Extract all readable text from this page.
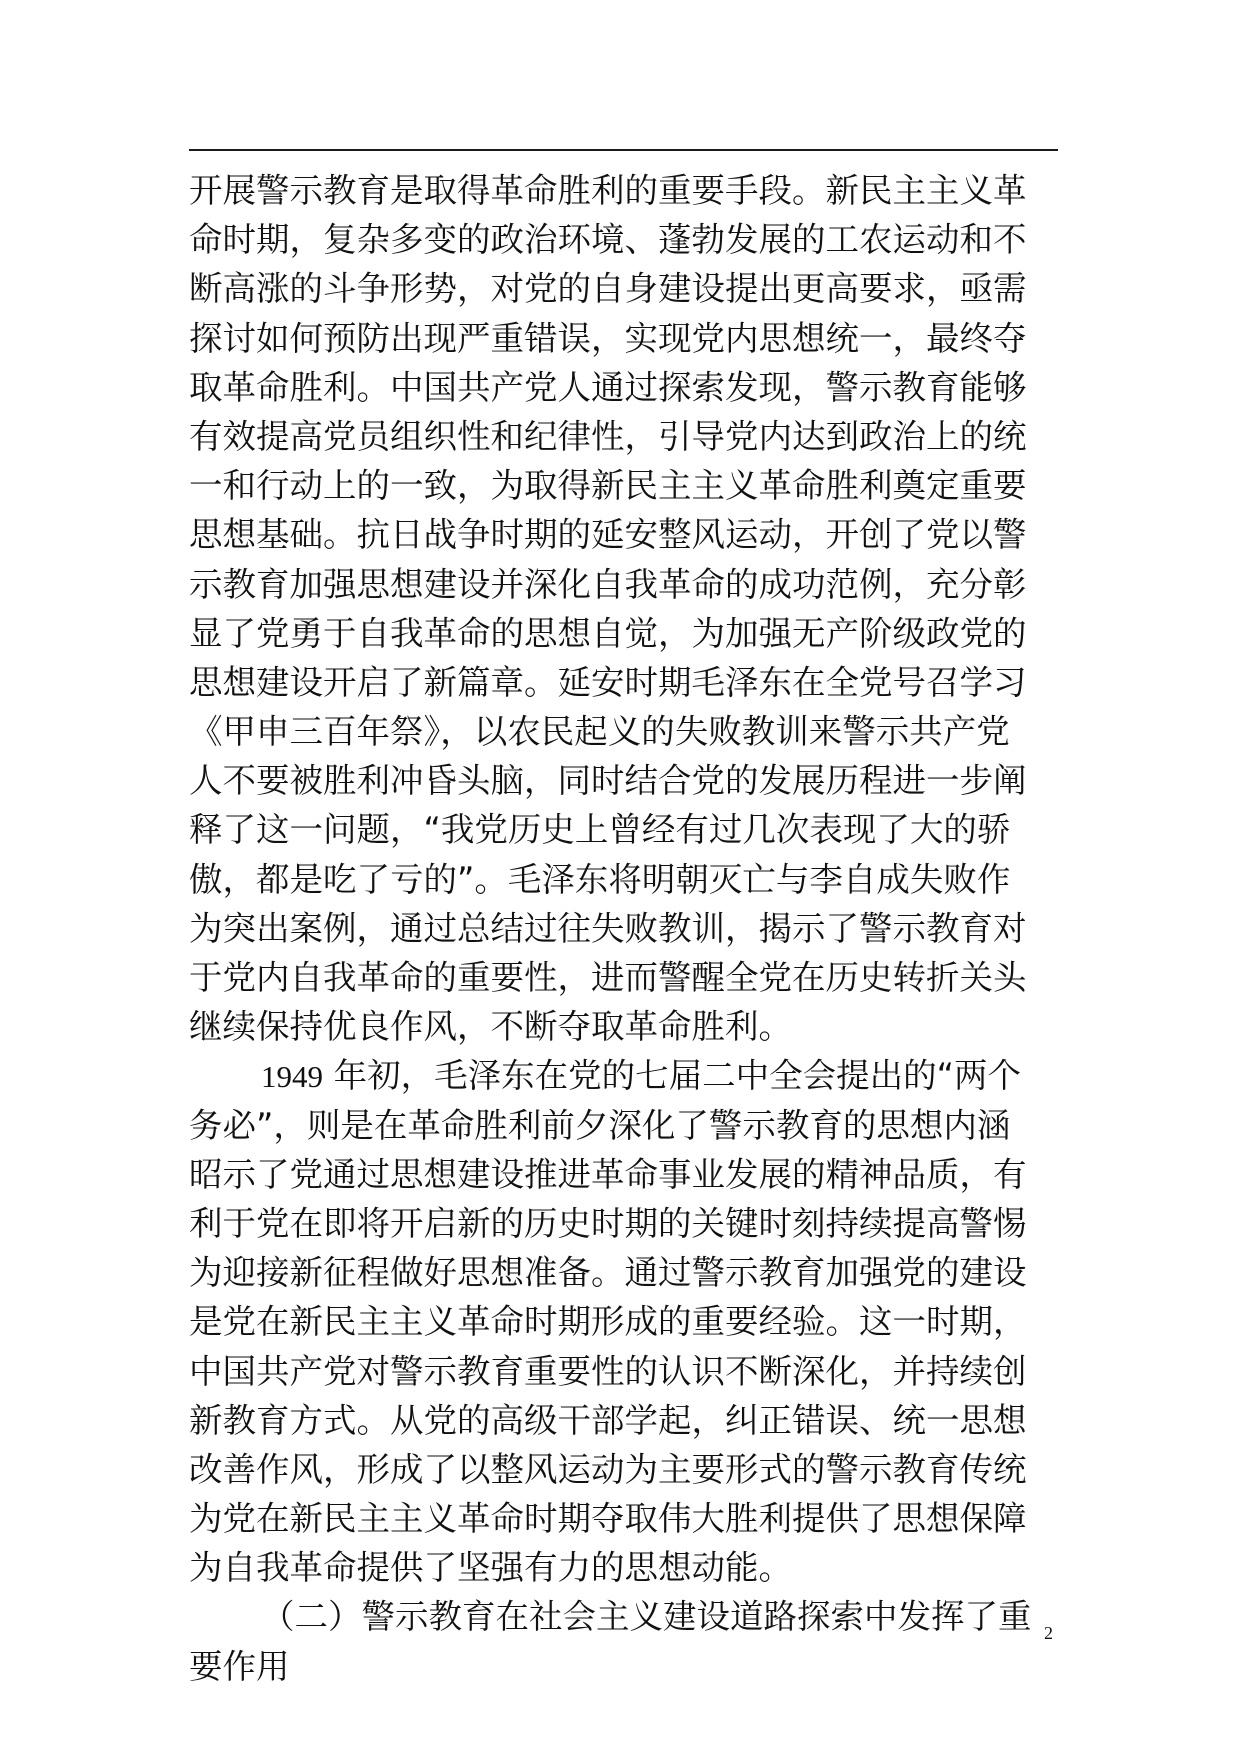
开展警示教育是取得革命胜利的重要手段。新民主主义革
命时期，复杂多变的政治环境、蓬勃发展的工农运动和不
断高涨的斗争形势，对党的自身建设提出更高要求，亟需
探讨如何预防出现严重错误，实现党内思想统一，最终夺
取革命胜利。中国共产党人通过探索发现，警示教育能够
有效提高党员组织性和纪律性，引导党内达到政治上的统
一和行动上的一致，为取得新民主主义革命胜利奠定重要
思想基础。抗日战争时期的延安整风运动，开创了党以警
示教育加强思想建设并深化自我革命的成功范例，充分彰
显了党勇于自我革命的思想自觉，为加强无产阶级政党的
思想建设开启了新篇章。延安时期毛泽东在全党号召学习
《甲申三百年祭》，以农民起义的失败教训来警示共产党
人不要被胜利冲昏头脑，同时结合党的发展历程进一步阐
释了这一问题，“我党历史上曾经有过几次表现了大的骄
傲，都是吃了亏的”。毛泽东将明朝灭亡与李自成失败作
为突出案例，通过总结过往失败教训，揭示了警示教育对
于党内自我革命的重要性，进而警醒全党在历史转折关头
继续保持优良作风，不断夺取革命胜利。
1949 年初，毛泽东在党的七届二中全会提出的“两个
务必”，则是在革命胜利前夕深化了警示教育的思想内涵
昭示了党通过思想建设推进革命事业发展的精神品质，有
利于党在即将开启新的历史时期的关键时刻持续提高警惕
为迎接新征程做好思想准备。通过警示教育加强党的建设
是党在新民主主义革命时期形成的重要经验。这一时期，
中国共产党对警示教育重要性的认识不断深化，并持续创
新教育方式。从党的高级干部学起，纠正错误、统一思想
改善作风，形成了以整风运动为主要形式的警示教育传统
为党在新民主主义革命时期夺取伟大胜利提供了思想保障
为自我革命提供了坚强有力的思想动能。
（二）警示教育在社会主义建设道路探索中发挥了重
要作用
2
